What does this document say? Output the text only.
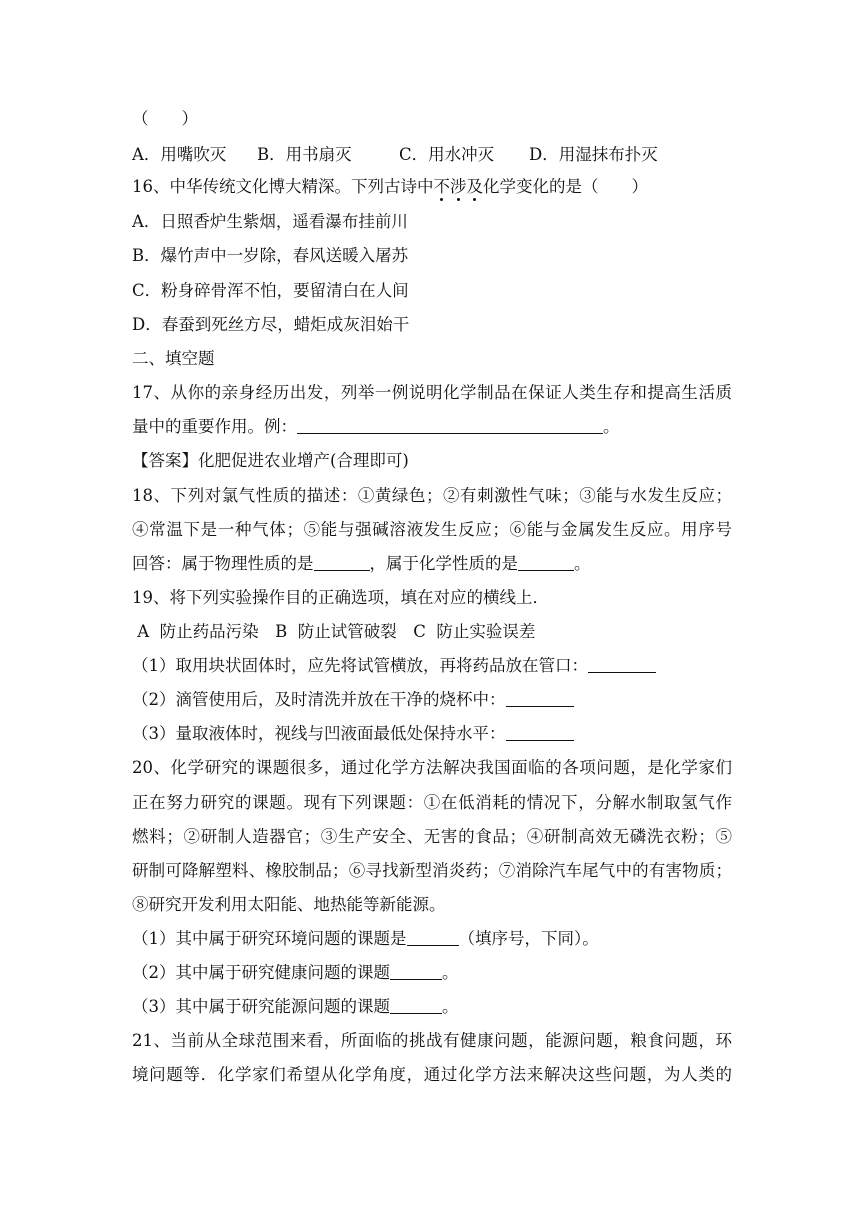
（　　）
A．用嘴吹灭 B．用书扇灭	C．用水冲灭 D．用湿抹布扑灭
16、中华传统文化博大精深。下列古诗中不涉及化学变化的是（　　）
A．日照香炉生紫烟，遥看瀑布挂前川
B．爆竹声中一岁除，春风送暖入屠苏
C．粉身碎骨浑不怕，要留清白在人间
D．春蚕到死丝方尽，蜡炬成灰泪始干
二、填空题
17、从你的亲身经历出发，列举一例说明化学制品在保证人类生存和提高生活质
量中的重要作用。例：	。
【答案】化肥促进农业增产(合理即可)
18、下列对氯气性质的描述：①黄绿色；②有刺激性气味；③能与水发生反应；
④常温下是一种气体；⑤能与强碱溶液发生反应；⑥能与金属发生反应。用序号
回答：属于物理性质的是	，属于化学性质的是	。
19、将下列实验操作目的正确选项，填在对应的横线上．
A  防止药品污染　B  防止试管破裂　C  防止实验误差
（1）取用块状固体时，应先将试管横放，再将药品放在管口：
（2）滴管使用后，及时清洗并放在干净的烧杯中：
（3）量取液体时，视线与凹液面最低处保持水平：
20、化学研究的课题很多，通过化学方法解决我国面临的各项问题，是化学家们
正在努力研究的课题。现有下列课题：①在低消耗的情况下，分解水制取氢气作
燃料；②研制人造器官；③生产安全、无害的食品；④研制高效无磷洗衣粉；⑤
研制可降解塑料、橡胶制品；⑥寻找新型消炎药；⑦消除汽车尾气中的有害物质；
⑧研究开发利用太阳能、地热能等新能源。
（1）其中属于研究环境问题的课题是	（填序号，下同）。
（2）其中属于研究健康问题的课题	。
（3）其中属于研究能源问题的课题	。
21、当前从全球范围来看，所面临的挑战有健康问题，能源问题，粮食问题，环
境问题等．化学家们希望从化学角度，通过化学方法来解决这些问题，为人类的
